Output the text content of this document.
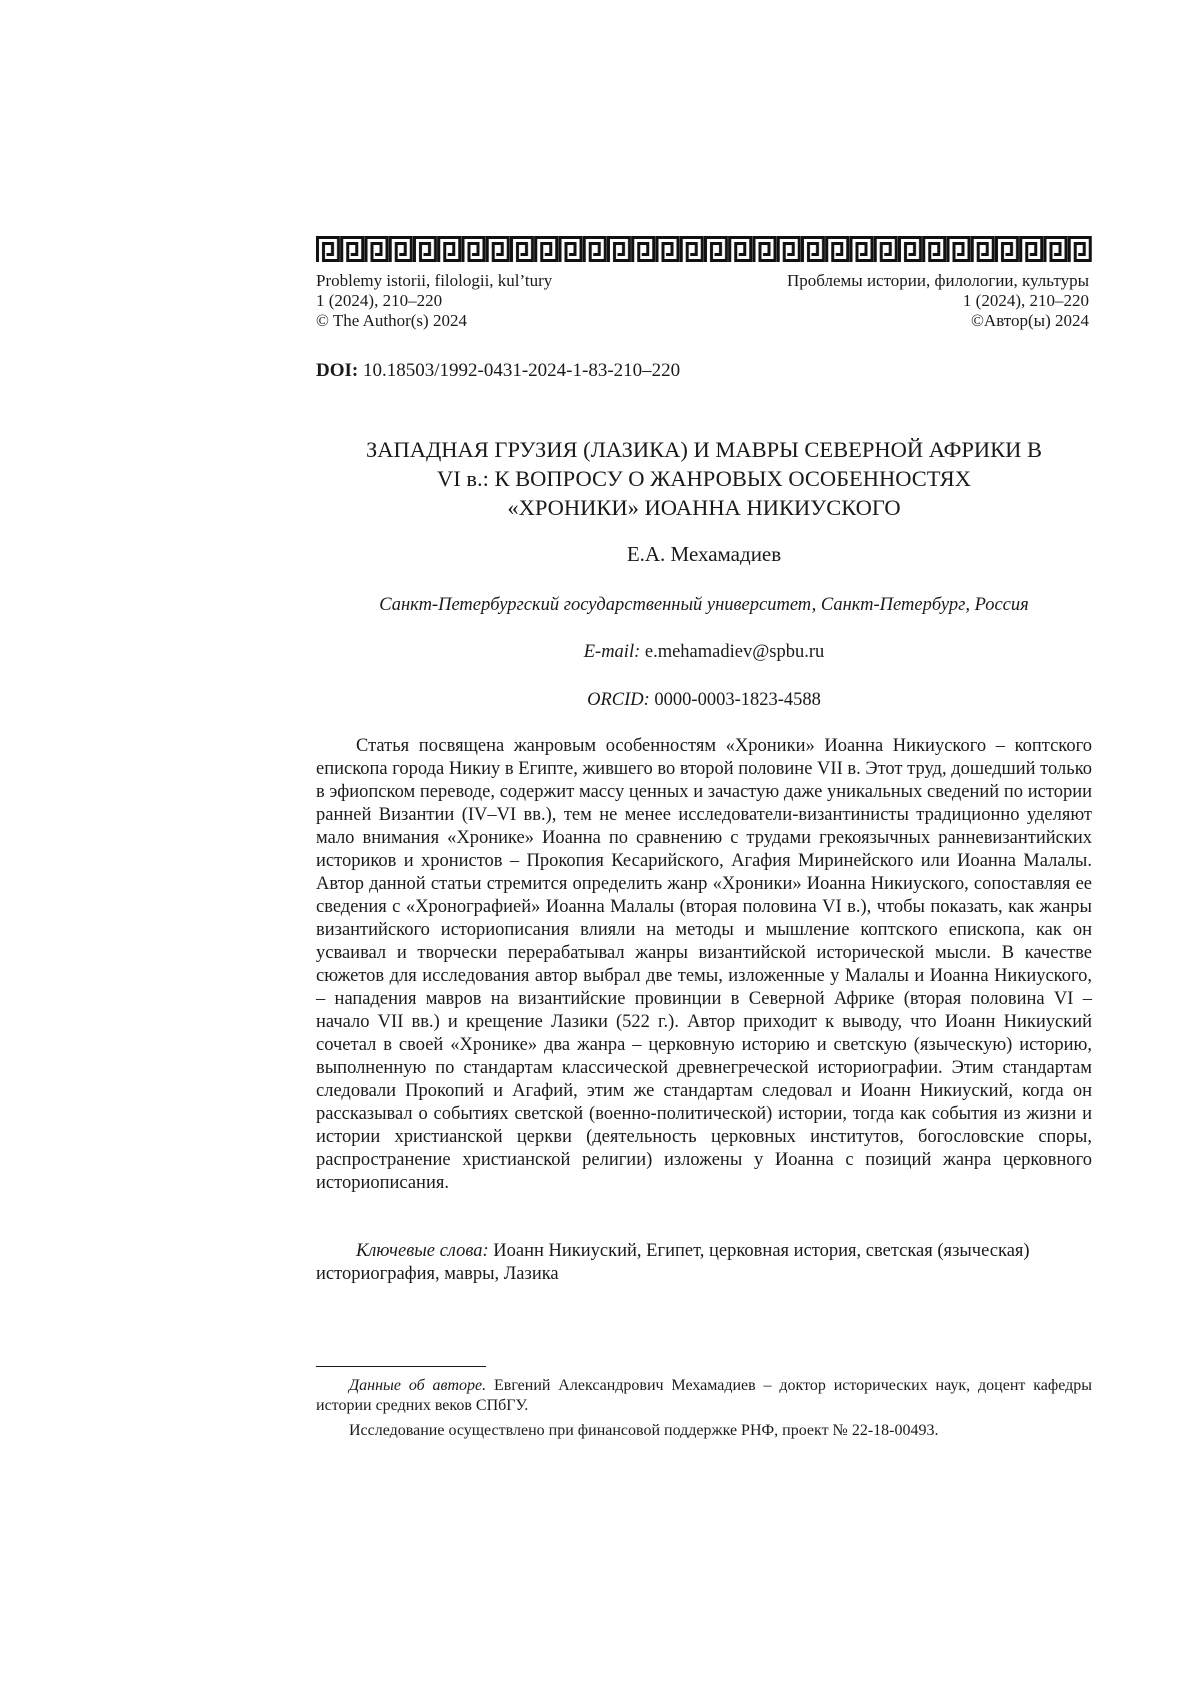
Problemy istorii, filologii, kul’tury
1 (2024), 210–220
© The Author(s) 2024
Проблемы истории, филологии, культуры
1 (2024), 210–220
©Автор(ы) 2024
DOI: 10.18503/1992-0431-2024-1-83-210–220
ЗАПАДНАЯ ГРУЗИЯ (ЛАЗИКА) И МАВРЫ СЕВЕРНОЙ АФРИКИ В
VI в.: К ВОПРОСУ О ЖАНРОВЫХ ОСОБЕННОСТЯХ
«ХРОНИКИ» ИОАННА НИКИУСКОГО
Е.А. Мехамадиев
Санкт-Петербургский государственный университет, Санкт-Петербург, Россия
E-mail: e.mehamadiev@spbu.ru
ORCID: 0000-0003-1823-4588

Статья посвящена жанровым особенностям «Хроники» Иоанна Никиуского – коптского епископа города Никиу в Египте, жившего во второй половине VII в. Этот труд, дошедший только в эфиопском переводе, содержит массу ценных и зачастую даже уникальных сведений по истории ранней Византии (IV–VI вв.), тем не менее исследователи-византинисты традиционно уделяют мало внимания «Хронике» Иоанна по сравнению с трудами грекоязычных ранневизантийских историков и хронистов – Прокопия Кесарийского, Агафия Миринейского или Иоанна Малалы. Автор данной статьи стремится определить жанр «Хроники» Иоанна Никиуского, сопоставляя ее сведения с «Хронографией» Иоанна Малалы (вторая половина VI в.), чтобы показать, как жанры византийского историописания влияли на методы и мышление коптского епископа, как он усваивал и творчески перерабатывал жанры византийской исторической мысли. В качестве сюжетов для исследования автор выбрал две темы, изложенные у Малалы и Иоанна Никиуского, – нападения мавров на византийские провинции в Северной Африке (вторая половина VI – начало VII вв.) и крещение Лазики (522 г.). Автор приходит к выводу, что Иоанн Никиуский сочетал в своей «Хронике» два жанра – церковную историю и светскую (языческую) историю, выполненную по стандартам классической древнегреческой историографии. Этим стандартам следовали Прокопий и Агафий, этим же стандартам следовал и Иоанн Никиуский, когда он рассказывал о событиях светской (военно-политической) истории, тогда как события из жизни и истории христианской церкви (деятельность церковных институтов, богословские споры, распространение христианской религии) изложены у Иоанна с позиций жанра церковного историописания.

Ключевые слова: Иоанн Никиуский, Египет, церковная история, светская (языческая) историография, мавры, Лазика

Данные об авторе. Евгений Александрович Мехамадиев – доктор исторических наук, доцент кафедры истории средних веков СПбГУ.

Исследование осуществлено при финансовой поддержке РНФ, проект № 22-18-00493.
